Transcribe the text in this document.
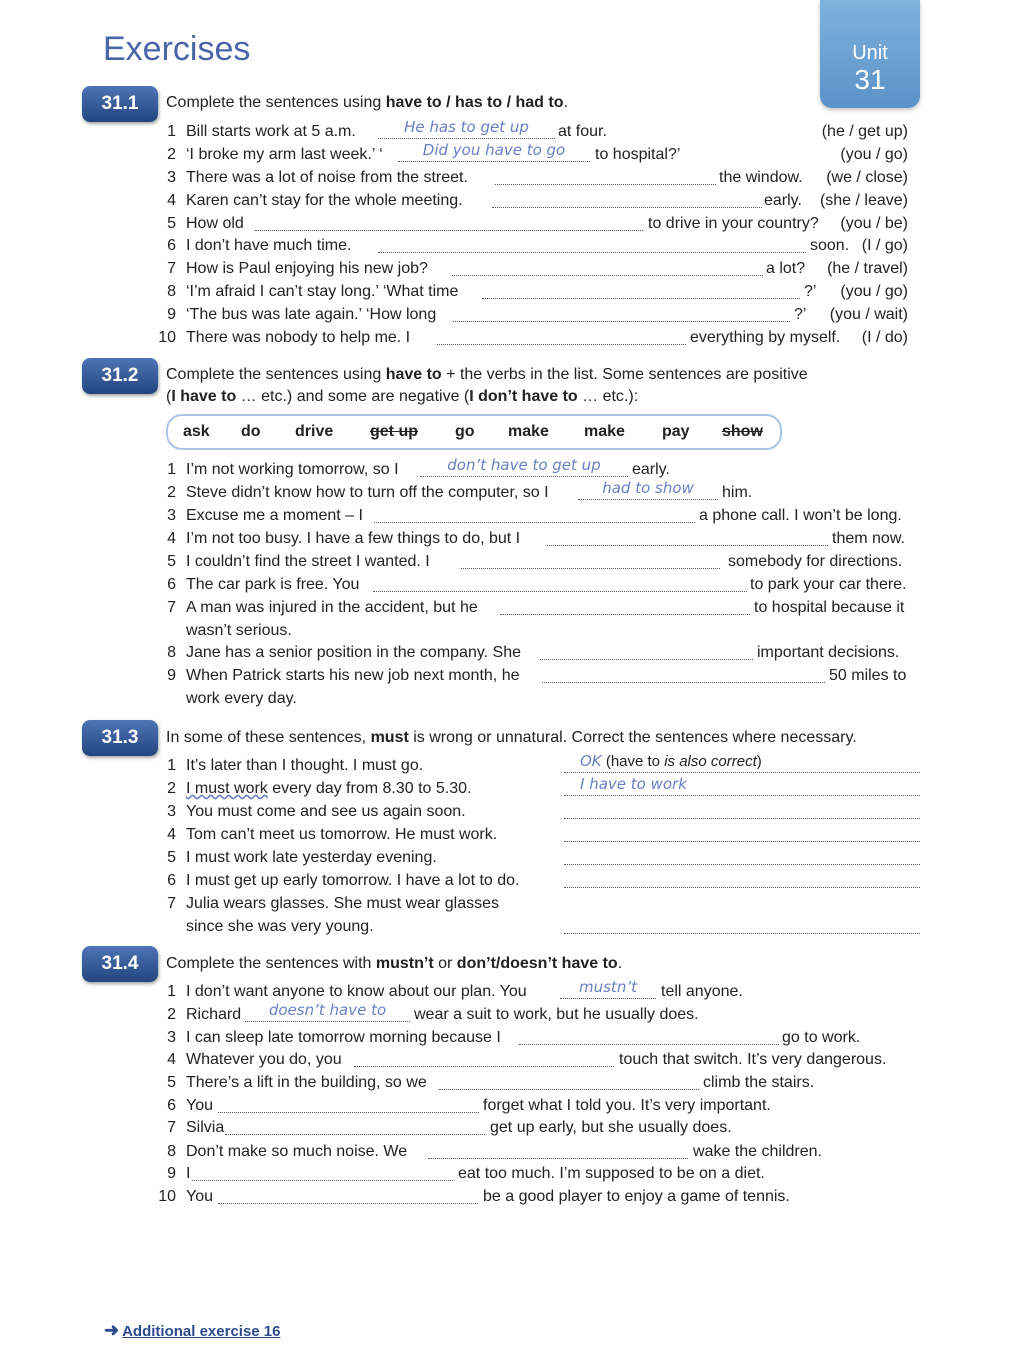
Exercises	Unit
31
31.1	Complete the sentences using have to / has to / had to.
1 Bill starts work at 5 a.m.	He has to get up	at four.	(he / get up)
2 ‘I broke my arm last week.’ ‘	Did you have to go	to hospital?’	(you / go)
3 There was a lot of noise from the street.	the window. (we / close)
4 Karen can’t stay for the whole meeting.	early. (she / leave)
5 How old	to drive in your country? (you / be)
6 I don’t have much time.	soon. (I / go)
7 How is Paul enjoying his new job?	a lot? (he / travel)
8 ‘I’m afraid I can’t stay long.’ ‘What time	?’ (you / go)
9 ‘The bus was late again.’ ‘How long	?’ (you / wait)
10 There was nobody to help me. I	everything by myself. (I / do)
31.2	Complete the sentences using have to + the verbs in the list. Some sentences are positive
(I have to … etc.) and some are negative (I don’t have to … etc.):
ask do drive get up go make make pay show
1 I’m not working tomorrow, so I	don’t have to get up	early.
2 Steve didn’t know how to turn off the computer, so I	had to show	him.
3 Excuse me a moment – I	a phone call. I won’t be long.
4 I’m not too busy. I have a few things to do, but I	them now.
5 I couldn’t find the street I wanted. I	somebody for directions.
6 The car park is free. You	to park your car there.
7 A man was injured in the accident, but he	to hospital because it
wasn’t serious.
8 Jane has a senior position in the company. She	important decisions.
9 When Patrick starts his new job next month, he	50 miles to
work every day.
31.3	In some of these sentences, must is wrong or unnatural. Correct the sentences where necessary.
1 It’s later than I thought. I must go.	OK (have to is also correct)
2 I must work every day from 8.30 to 5.30.	I have to work
3 You must come and see us again soon.
4 Tom can’t meet us tomorrow. He must work.
5 I must work late yesterday evening.
6 I must get up early tomorrow. I have a lot to do.
7 Julia wears glasses. She must wear glasses
since she was very young.
31.4	Complete the sentences with mustn’t or don’t/doesn’t have to.
1 I don’t want anyone to know about our plan. You	mustn’t	tell anyone.
2 Richard	doesn’t have to	wear a suit to work, but he usually does.
3 I can sleep late tomorrow morning because I	go to work.
4 Whatever you do, you	touch that switch. It’s very dangerous.
5 There’s a lift in the building, so we	climb the stairs.
6 You	forget what I told you. It’s very important.
7 Silvia	get up early, but she usually does.
8 Don’t make so much noise. We	wake the children.
9 I	eat too much. I’m supposed to be on a diet.
10 You	be a good player to enjoy a game of tennis.
➜ Additional exercise 16
